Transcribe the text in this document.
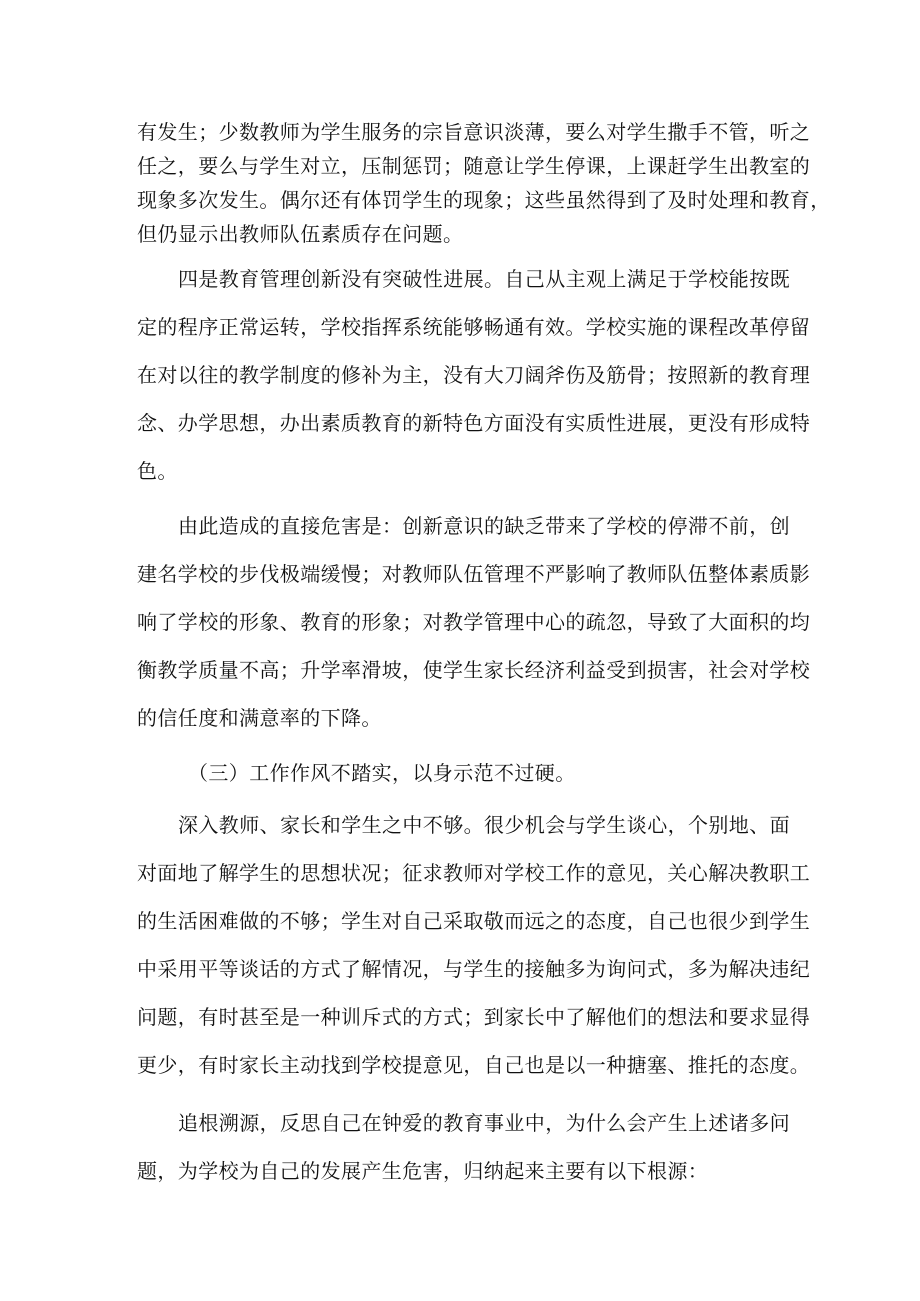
有发生；少数教师为学生服务的宗旨意识淡薄，要么对学生撒手不管，听之

任之，要么与学生对立，压制惩罚；随意让学生停课，上课赶学生出教室的

现象多次发生。偶尔还有体罚学生的现象；这些虽然得到了及时处理和教育，

但仍显示出教师队伍素质存在问题。

四是教育管理创新没有突破性进展。自己从主观上满足于学校能按既

定的程序正常运转，学校指挥系统能够畅通有效。学校实施的课程改革停留

在对以往的教学制度的修补为主，没有大刀阔斧伤及筋骨；按照新的教育理

念、办学思想，办出素质教育的新特色方面没有实质性进展，更没有形成特

色。

由此造成的直接危害是：创新意识的缺乏带来了学校的停滞不前，创

建名学校的步伐极端缓慢；对教师队伍管理不严影响了教师队伍整体素质影

响了学校的形象、教育的形象；对教学管理中心的疏忽，导致了大面积的均

衡教学质量不高；升学率滑坡，使学生家长经济利益受到损害，社会对学校

的信任度和满意率的下降。

（三）工作作风不踏实，以身示范不过硬。

深入教师、家长和学生之中不够。很少机会与学生谈心，个别地、面

对面地了解学生的思想状况；征求教师对学校工作的意见，关心解决教职工

的生活困难做的不够；学生对自己采取敬而远之的态度，自己也很少到学生

中采用平等谈话的方式了解情况，与学生的接触多为询问式，多为解决违纪

问题，有时甚至是一种训斥式的方式；到家长中了解他们的想法和要求显得

更少，有时家长主动找到学校提意见，自己也是以一种搪塞、推托的态度。

追根溯源，反思自己在钟爱的教育事业中，为什么会产生上述诸多问

题，为学校为自己的发展产生危害，归纳起来主要有以下根源：
